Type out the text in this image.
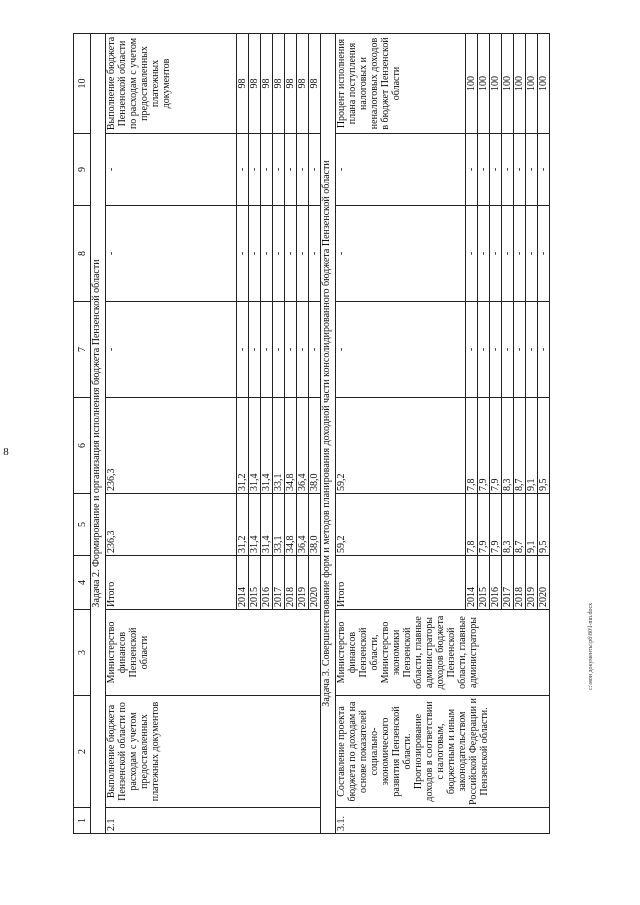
8
c:\мои документы\рб\80\l-mn.docx
1	2	3	4	5	6	7	8	9	10
Задача 2. Формирование и организация исполнения бюджета Пензенской области									
2.1	Выполнение бюджета Пензенской области по расходам с учетом предоставленных платежных документов	Министерство финансов Пензенской области	Итого	236,3	236,3	-	-	-	Выполнение бюджета Пензенской области по расходам с учетом предоставленных платежных документов
			2014	31,2	31,2	-	-	-	98
			2015	31,4	31,4	-	-	-	98
			2016	31,4	31,4	-	-	-	98
			2017	33,1	33,1	-	-	-	98
			2018	34,8	34,8	-	-	-	98
			2019	36,4	36,4	-	-	-	98
			2020	38,0	38,0	-	-	-	98
Задача 3. Совершенствование форм и методов планирования доходной части консолидированного бюджета Пензенской области									
3.1.	Составление проекта бюджета по доходам на основе показателей социально-экономического развития Пензенской области. Прогнозирование доходов в соответствии с налоговым, бюджетным и иным законодательством Российской Федерации и Пензенской области.	Министерство финансов Пензенской области, Министерство экономики Пензенской области, главные администраторы доходов бюджета Пензенской области, главные администраторы	Итого	59,2	59,2	-	-	-	Процент исполнения плана поступления налоговых и неналоговых доходов в бюджет Пензенской области
			2014	7,8	7,8	-	-	-	100
			2015	7,9	7,9	-	-	-	100
			2016	7,9	7,9	-	-	-	100
			2017	8,3	8,3	-	-	-	100
			2018	8,7	8,7	-	-	-	100
			2019	9,1	9,1	-	-	-	100
			2020	9,5	9,5	-	-	-	100
